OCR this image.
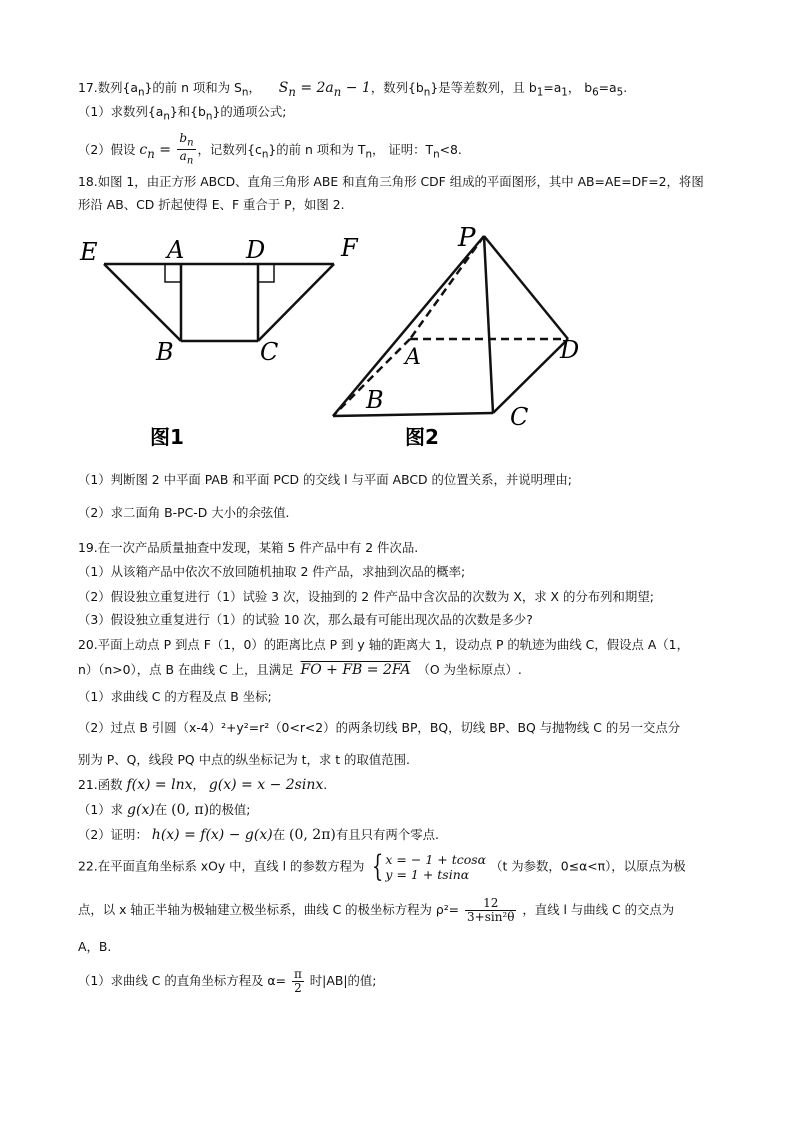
17.数列$\{a_n\}$的前 n 项和为 $S_n$， $S_n = 2a_n - 1$，数列$\{b_n\}$是等差数列，且 $b_1=a_1$， $b_6=a_5$.
（1）求数列$\{a_n\}$和$\{b_n\}$的通项公式;
（2）假设 $c_n = \frac{b_n}{a_n}$ ，记数列$\{c_n\}$的前 n 项和为 $T_n$， 证明：$T_n<8$.
18.如图 1，由正方形 ABCD、直角三角形 ABE 和直角三角形 CDF 组成的平面图形，其中 AB=AE=DF=2，将图
形沿 AB、CD 折起使得 E、F 重合于 P，如图 2.
E	A	D	F
B	C
图1
P
A	D
B
C
图2
（1）判断图 2 中平面 PAB 和平面 PCD 的交线 l 与平面 ABCD 的位置关系，并说明理由;
（2）求二面角 B-PC-D 大小的余弦值.
19.在一次产品质量抽查中发现，某箱 5 件产品中有 2 件次品.
（1）从该箱产品中依次不放回随机抽取 2 件产品，求抽到次品的概率;
（2）假设独立重复进行（1）试验 3 次，设抽到的 2 件产品中含次品的次数为 X，求 X 的分布列和期望;
（3）假设独立重复进行（1）的试验 10 次，那么最有可能出现次品的次数是多少?
20.平面上动点 P 到点 F（1，0）的距离比点 P 到 y 轴的距离大 1，设动点 P 的轨迹为曲线 C，假设点 A（1，
n）（n>0），点 B 在曲线 C 上，且满足 FO + FB = 2FA （O 为坐标原点）.
（1）求曲线 C 的方程及点 B 坐标;
（2）过点 B 引圆（x-4）²+y²=r²（0<r<2）的两条切线 BP，BQ，切线 BP、BQ 与抛物线 C 的另一交点分
别为 P、Q，线段 PQ 中点的纵坐标记为 t，求 t 的取值范围.
21.函数 f(x) = lnx， g(x) = x − 2sinx.
（1）求 g(x)在 (0, π)的极值;
（2）证明： h(x) = f(x) − g(x)在 (0, 2π)有且只有两个零点.
22.在平面直角坐标系 xOy 中，直线 l 的参数方程为 { x = − 1 + tcosα
y = 1 + tsinα
（t 为参数，0≤α<π），以原点为极
点，以 x 轴正半轴为极轴建立极坐标系，曲线 C 的极坐标方程为 $\rho^2= \frac{12}{\text{3+sin²θ}}$ ，直线 l 与曲线 C 的交点为
A，B.
（1）求曲线 C 的直角坐标方程及 $\alpha= \frac{\pi}{2}$ 时|AB|的值;
